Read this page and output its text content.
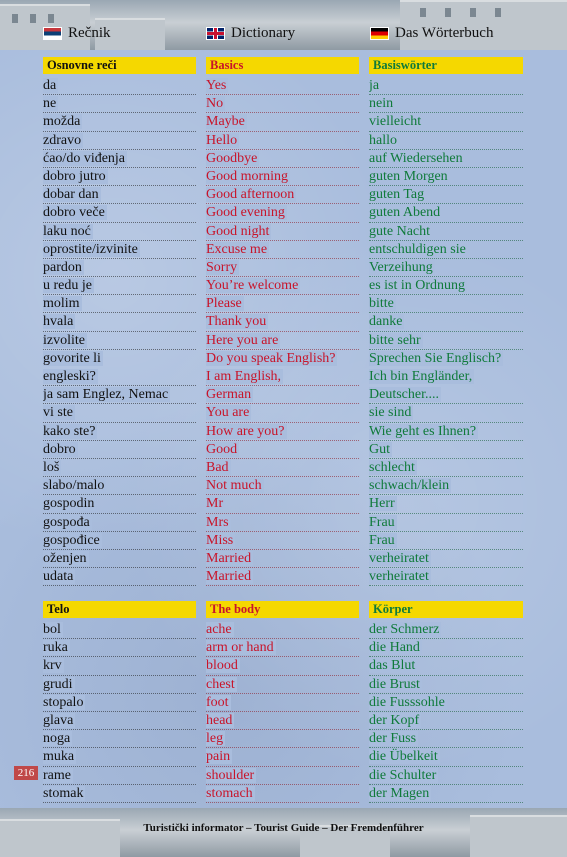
Rečnik	Dictionary	Das Wörterbuch
Osnovne reči
da
ne
možda
zdravo
ćao/do viđenja
dobro jutro
dobar dan
dobro veče
laku noć
oprostite/izvinite
pardon
u redu je
molim
hvala
izvolite
govorite li
engleski?
ja sam Englez, Nemac
vi ste
kako ste?
dobro
loš
slabo/malo
gospodin
gospođa
gospođice
oženjen
udata
Basics
Yes
No
Maybe
Hello
Goodbye
Good morning
Good afternoon
Good evening
Good night
Excuse me
Sorry
You’re welcome
Please
Thank you
Here you are
Do you speak English?
I am English,
German
You are
How are you?
Good
Bad
Not much
Mr
Mrs
Miss
Married
Married
Basiswörter
ja
nein
vielleicht
hallo
auf Wiedersehen
guten Morgen
guten Tag
guten Abend
gute Nacht
entschuldigen sie
Verzeihung
es ist in Ordnung
bitte
danke
bitte sehr
Sprechen Sie Englisch?
Ich bin Engländer,
Deutscher....
sie sind
Wie geht es Ihnen?
Gut
schlecht
schwach/klein
Herr
Frau
Frau
verheiratet
verheiratet
Telo
bol
ruka
krv
grudi
stopalo
glava
noga
muka
rame
stomak
The body
ache
arm or hand
blood
chest
foot
head
leg
pain
shoulder
stomach
Körper
der Schmerz
die Hand
das Blut
die Brust
die Fusssohle
der Kopf
der Fuss
die Übelkeit
die Schulter
der Magen
216
Turistički informator – Tourist Guide – Der Fremdenführer
